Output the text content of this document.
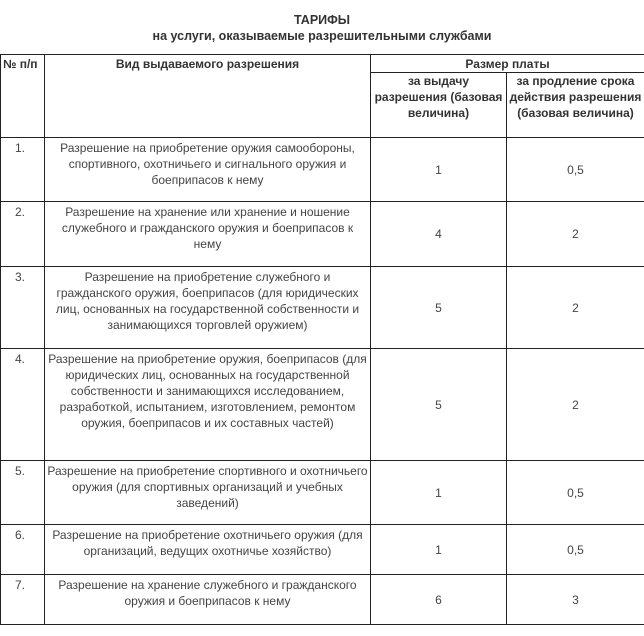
ТАРИФЫ
на услуги, оказываемые разрешительными службами
№ п/п	Вид выдаваемого разрешения	Размер платы	
		за выдачу разрешения (базовая величина)	за продление срока действия разрешения (базовая величина)
1.	Разрешение на приобретение оружия самообороны, спортивного, охотничьего и сигнального оружия и боеприпасов к нему	1	0,5
2.	Разрешение на хранение или хранение и ношение служебного и гражданского оружия и боеприпасов к нему	4	2
3.	Разрешение на приобретение служебного и гражданского оружия, боеприпасов (для юридических лиц, основанных на государственной собственности и занимающихся торговлей оружием)	5	2
4.	Разрешение на приобретение оружия, боеприпасов (для юридических лиц, основанных на государственной собственности и занимающихся исследованием, разработкой, испытанием, изготовлением, ремонтом оружия, боеприпасов и их составных частей)	5	2
5.	Разрешение на приобретение спортивного и охотничьего оружия (для спортивных организаций и учебных заведений)	1	0,5
6.	Разрешение на приобретение охотничьего оружия (для организаций, ведущих охотничье хозяйство)	1	0,5
7.	Разрешение на хранение служебного и гражданского оружия и боеприпасов к нему	6	3
